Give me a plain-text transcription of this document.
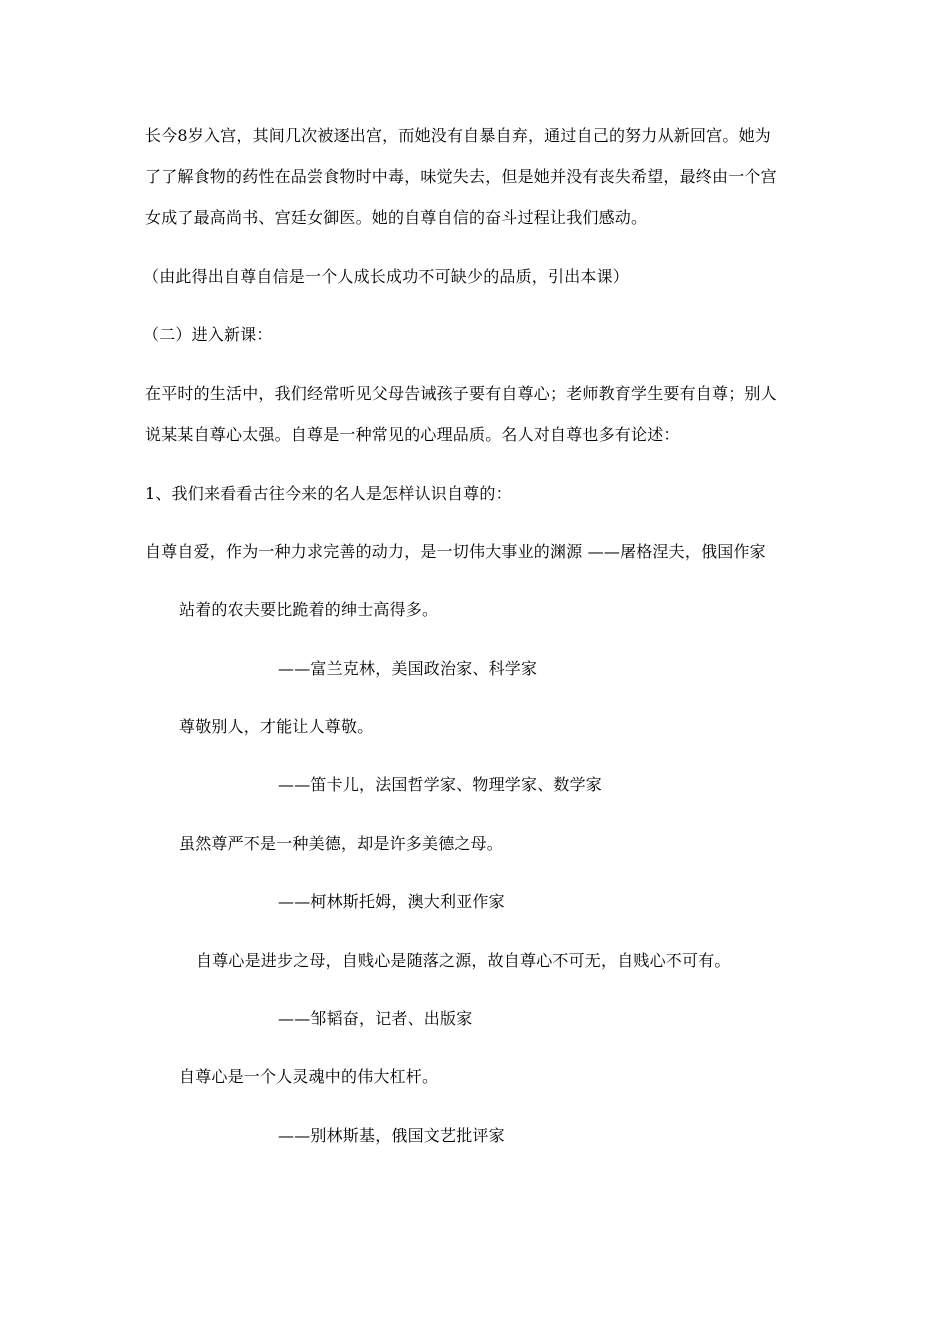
长今8岁入宫，其间几次被逐出宫，而她没有自暴自弃，通过自己的努力从新回宫。她为
了了解食物的药性在品尝食物时中毒，味觉失去，但是她并没有丧失希望，最终由一个宫
女成了最高尚书、宫廷女御医。她的自尊自信的奋斗过程让我们感动。
（由此得出自尊自信是一个人成长成功不可缺少的品质，引出本课）
（二）进入新课：
在平时的生活中，我们经常听见父母告诫孩子要有自尊心；老师教育学生要有自尊；别人
说某某自尊心太强。自尊是一种常见的心理品质。名人对自尊也多有论述：
1、我们来看看古往今来的名人是怎样认识自尊的：
自尊自爱，作为一种力求完善的动力，是一切伟大事业的渊源 ——屠格涅夫，俄国作家
站着的农夫要比跪着的绅士高得多。
——富兰克林，美国政治家、科学家
尊敬别人，才能让人尊敬。
——笛卡儿，法国哲学家、物理学家、数学家
虽然尊严不是一种美德，却是许多美德之母。
——柯林斯托姆，澳大利亚作家
自尊心是进步之母，自贱心是随落之源，故自尊心不可无，自贱心不可有。
——邹韬奋，记者、出版家
自尊心是一个人灵魂中的伟大杠杆。
——别林斯基，俄国文艺批评家
